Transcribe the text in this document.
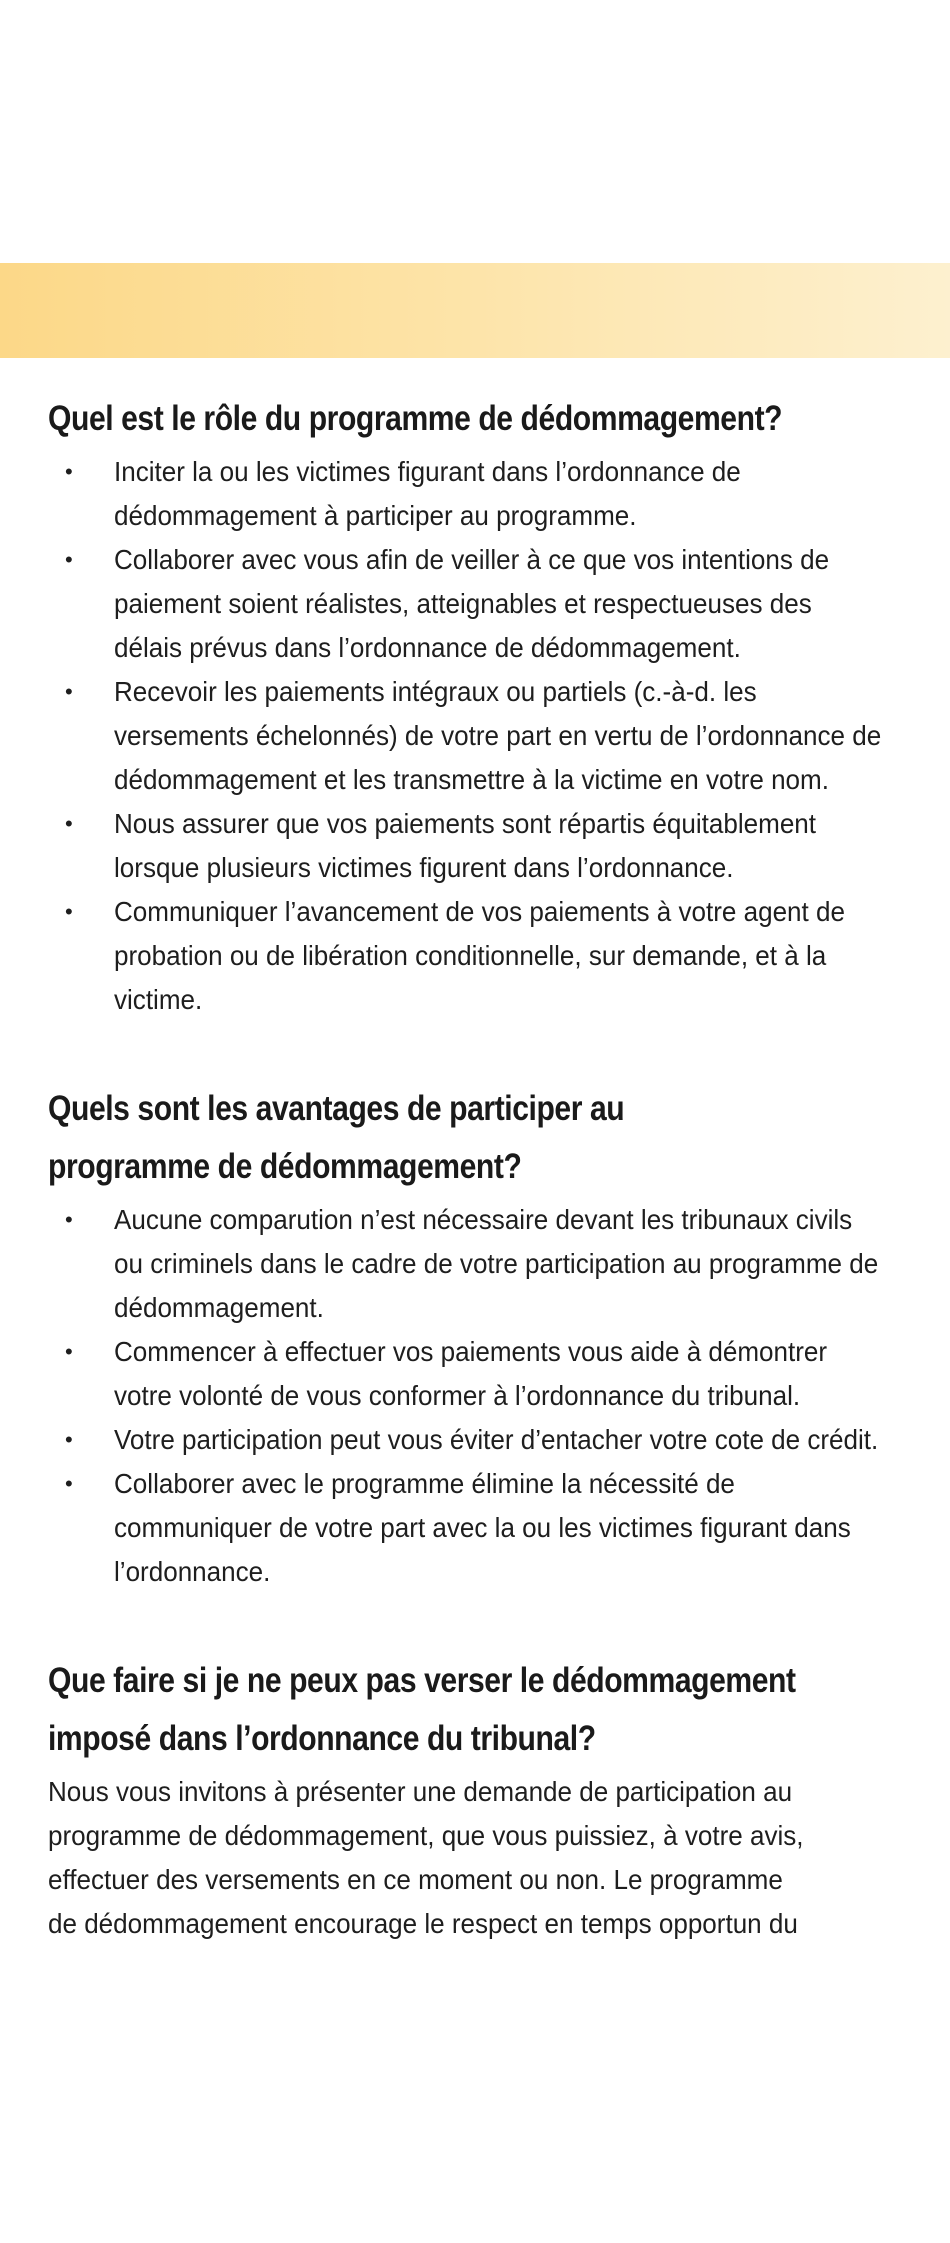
Quel est le rôle du programme de dédommagement?
• Inciter la ou les victimes figurant dans l’ordonnance de dédommagement à participer au programme.
• Collaborer avec vous afin de veiller à ce que vos intentions de paiement soient réalistes, atteignables et respectueuses des délais prévus dans l’ordonnance de dédommagement.
• Recevoir les paiements intégraux ou partiels (c.-à-d. les versements échelonnés) de votre part en vertu de l’ordonnance de dédommagement et les transmettre à la victime en votre nom.
• Nous assurer que vos paiements sont répartis équitablement lorsque plusieurs victimes figurent dans l’ordonnance.
• Communiquer l’avancement de vos paiements à votre agent de probation ou de libération conditionnelle, sur demande, et à la victime.
Quels sont les avantages de participer au
programme de dédommagement?
• Aucune comparution n’est nécessaire devant les tribunaux civils ou criminels dans le cadre de votre participation au programme de dédommagement.
• Commencer à effectuer vos paiements vous aide à démontrer votre volonté de vous conformer à l’ordonnance du tribunal.
• Votre participation peut vous éviter d’entacher votre cote de crédit.
• Collaborer avec le programme élimine la nécessité de communiquer de votre part avec la ou les victimes figurant dans l’ordonnance.
Que faire si je ne peux pas verser le dédommagement
imposé dans l’ordonnance du tribunal?

Nous vous invitons à présenter une demande de participation au programme de dédommagement, que vous puissiez, à votre avis, effectuer des versements en ce moment ou non. Le programme de dédommagement encourage le respect en temps opportun du
